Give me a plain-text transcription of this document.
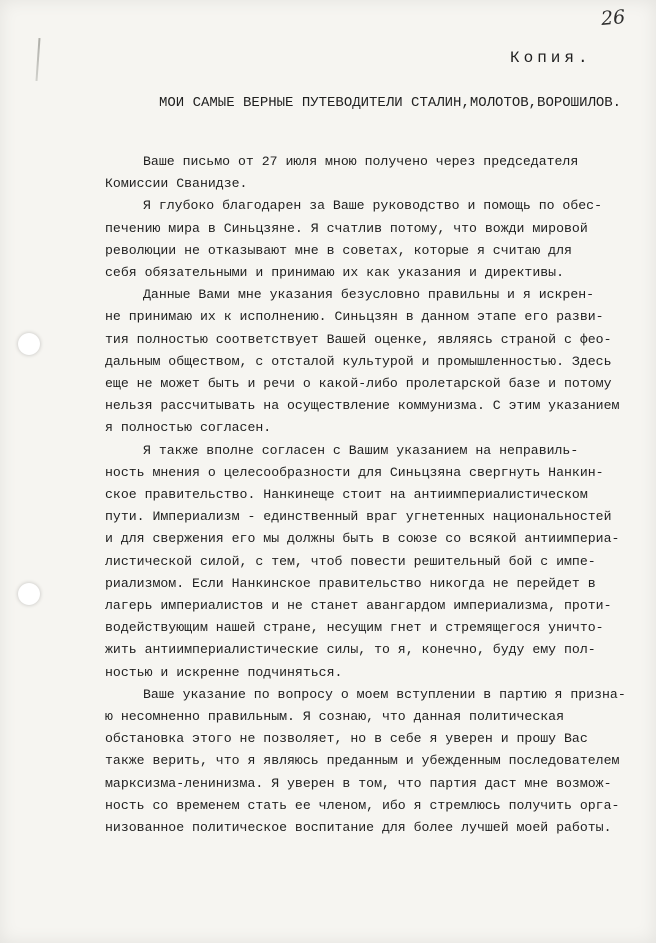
26
Копия.
МОИ САМЫЕ ВЕРНЫЕ ПУТЕВОДИТЕЛИ СТАЛИН,МОЛОТОВ,ВОРОШИЛОВ.
Ваше письмо от 27 июля мною получено через председателя
Комиссии Сванидзе.
Я глубоко благодарен за Ваше руководство и помощь по обес-
печению мира в Синьцзяне. Я счатлив потому, что вожди мировой
революции не отказывают мне в советах, которые я считаю для
себя обязательными и принимаю их как указания и директивы.
Данные Вами мне указания безусловно правильны и я искрен-
не принимаю их к исполнению. Синьцзян в данном этапе его разви-
тия полностью соответствует Вашей оценке, являясь страной с фео-
дальным обществом, с отсталой культурой и промышленностью. Здесь
еще не может быть и речи о какой-либо пролетарской базе и потому
нельзя рассчитывать на осуществление коммунизма. С этим указанием
я полностью согласен.
Я также вполне согласен с Вашим указанием на неправиль-
ность мнения о целесообразности для Синьцзяна свергнуть Нанкин-
ское правительство. Нанкинеще стоит на антиимпериалистическом
пути. Империализм - единственный враг угнетенных национальностей
и для свержения его мы должны быть в союзе со всякой антиимпериа-
листической силой, с тем, чтоб повести решительный бой с импе-
риализмом. Если Нанкинское правительство никогда не перейдет в
лагерь империалистов и не станет авангардом империализма, проти-
водействующим нашей стране, несущим гнет и стремящегося уничто-
жить антиимпериалистические силы, то я, конечно, буду ему пол-
ностью и искренне подчиняться.
Ваше указание по вопросу о моем вступлении в партию я призна-
ю несомненно правильным. Я сознаю, что данная политическая
обстановка этого не позволяет, но в себе я уверен и прошу Вас
также верить, что я являюсь преданным и убежденным последователем
марксизма-ленинизма. Я уверен в том, что партия даст мне возмож-
ность со временем стать ее членом, ибо я стремлюсь получить орга-
низованное политическое воспитание для более лучшей моей работы.
